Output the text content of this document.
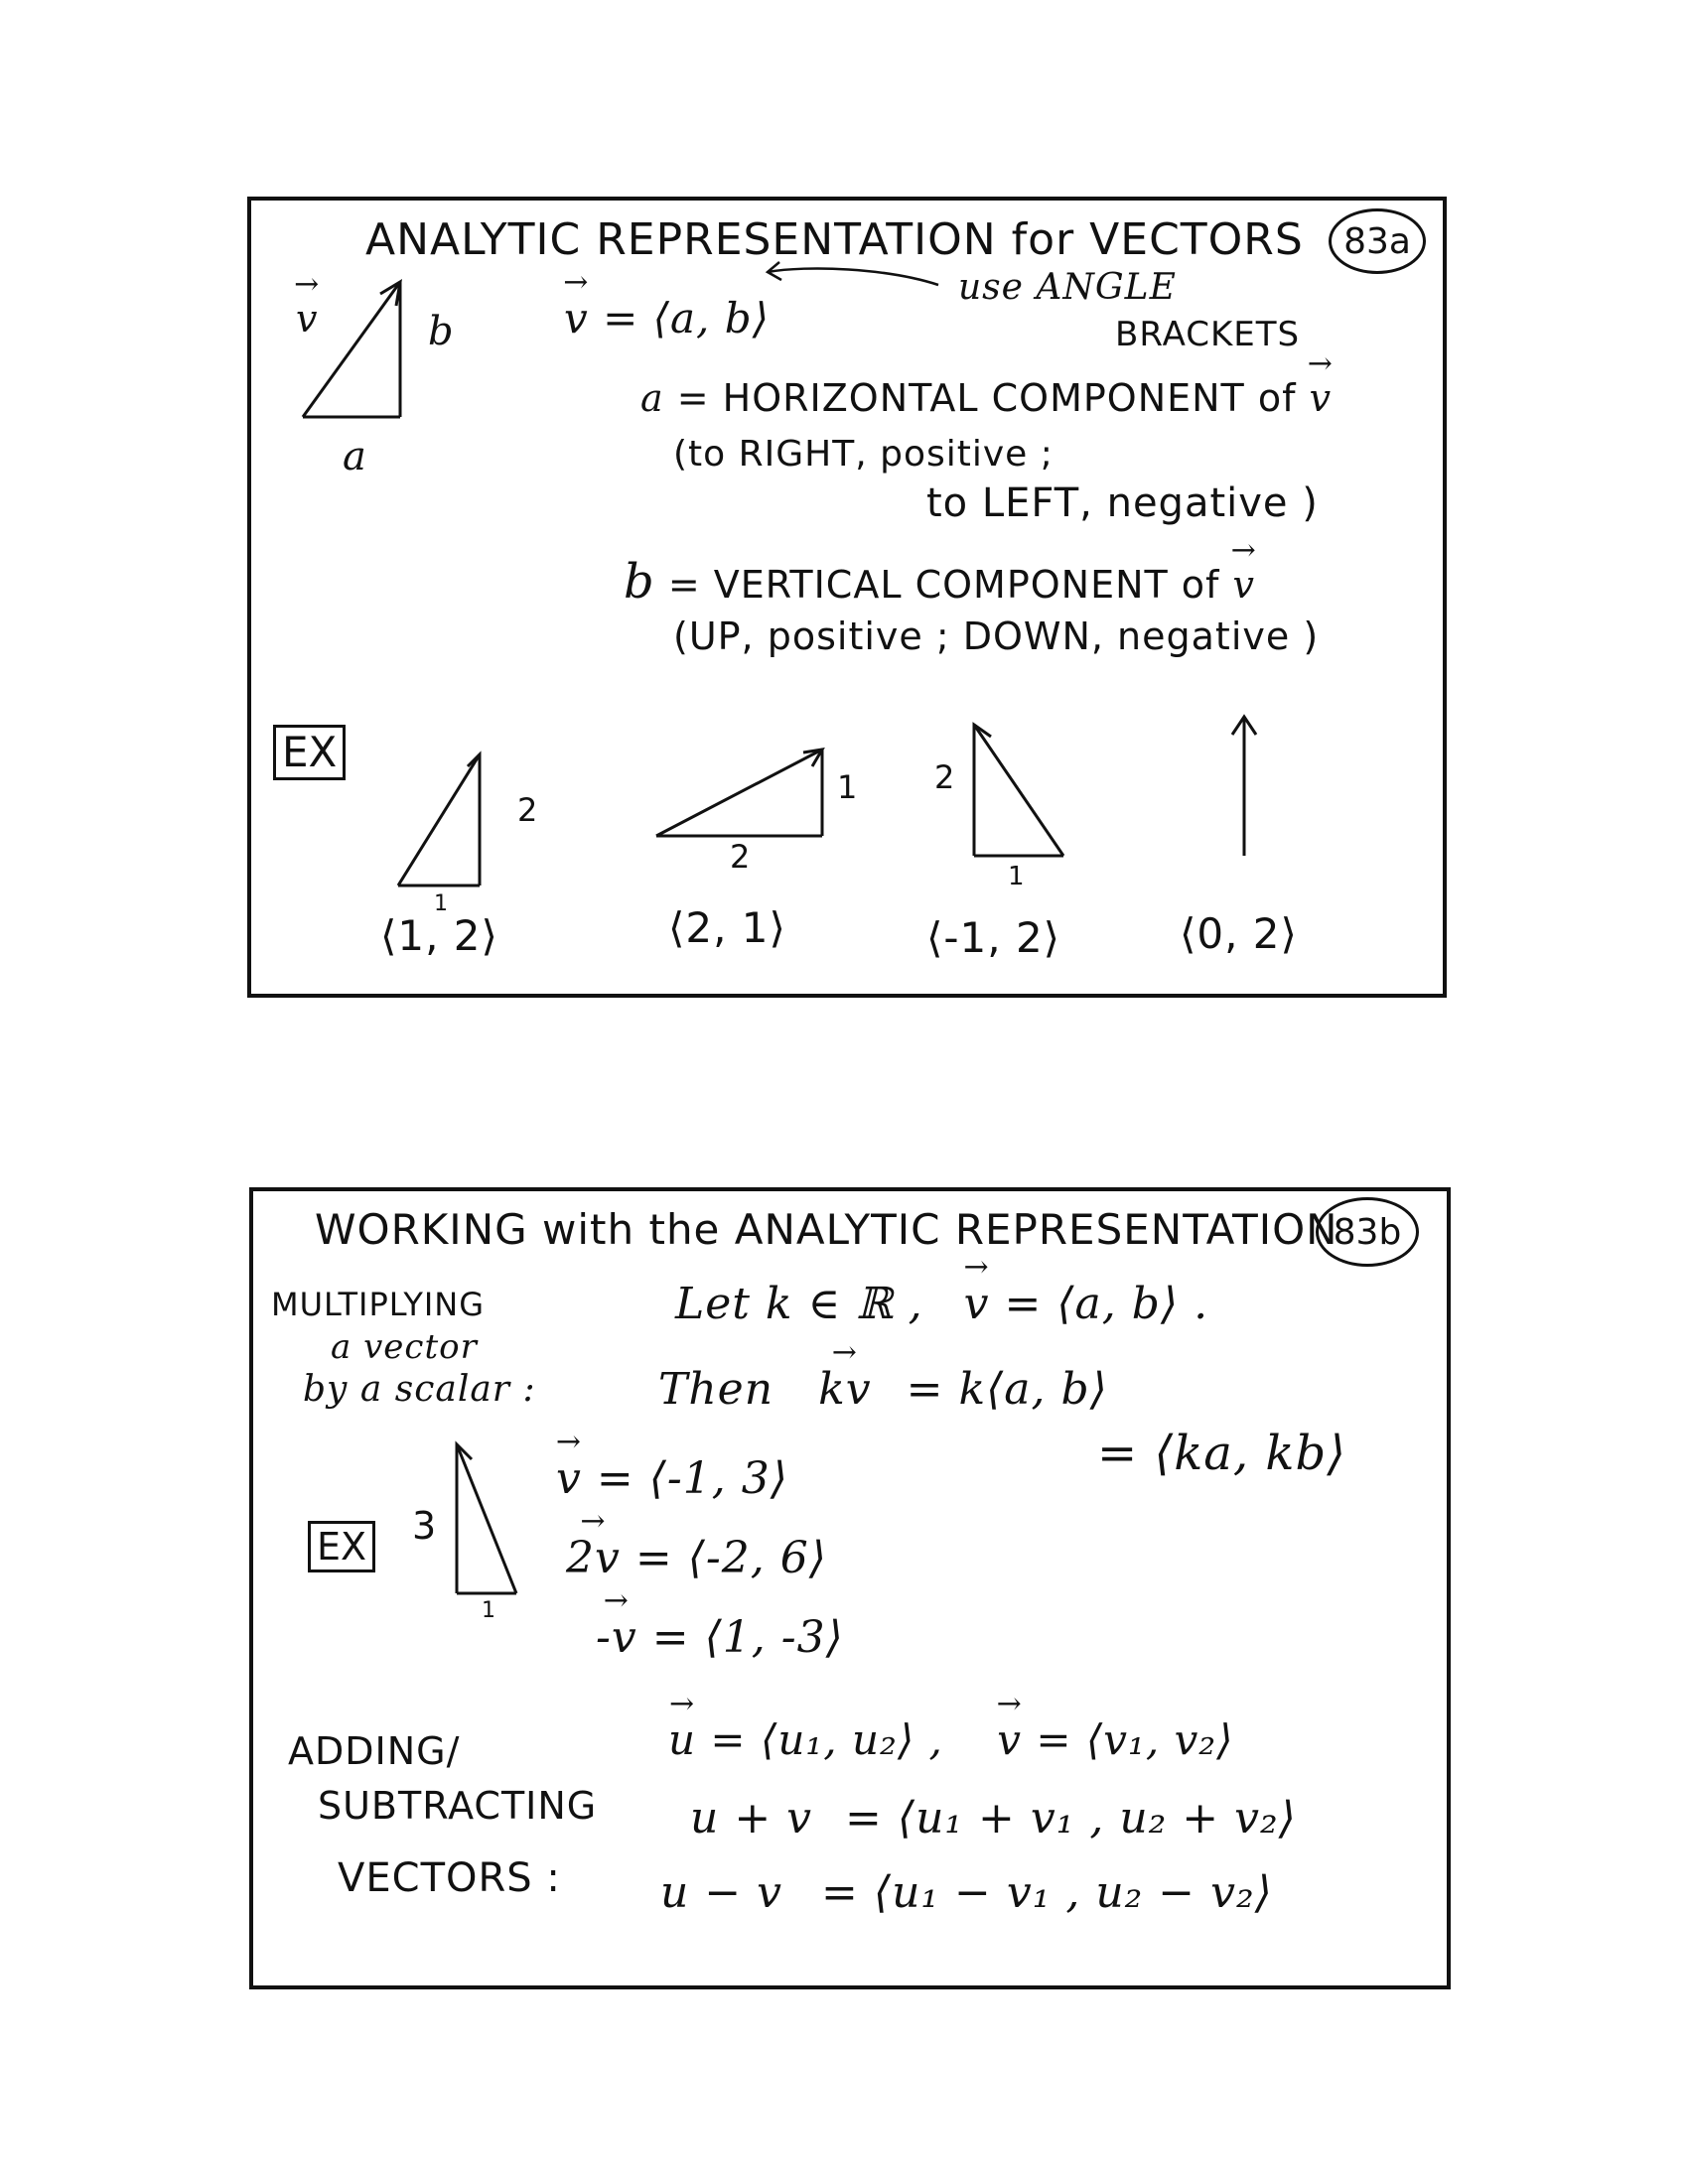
ANALYTIC REPRESENTATION for VECTORS	83a
→ v	b
a
→ v = ⟨a, b⟩
use ANGLE
BRACKETS
a = HORIZONTAL COMPONENT of → v
(to RIGHT, positive ;
to LEFT, negative )
b = VERTICAL COMPONENT of → v
(UP, positive ; DOWN, negative )
EX
2
1
⟨1, 2⟩
1
2
⟨2, 1⟩
2
1
⟨-1, 2⟩	⟨0, 2⟩
WORKING with the ANALYTIC REPRESENTATION
83b
MULTIPLYING
a vector
by a scalar :
Let k ∈ ℝ , → v = ⟨a, b⟩ .
Then → kv = k⟨a, b⟩
= ⟨ka, kb⟩
EX 3
1
→ v = ⟨-1, 3⟩
→ 2v = ⟨-2, 6⟩
→ -v = ⟨1, -3⟩
ADDING/
SUBTRACTING
VECTORS :
→ u = ⟨u₁, u₂⟩ , → v = ⟨v₁, v₂⟩
u + v = ⟨u₁ + v₁ , u₂ + v₂⟩
u − v = ⟨u₁ − v₁ , u₂ − v₂⟩
